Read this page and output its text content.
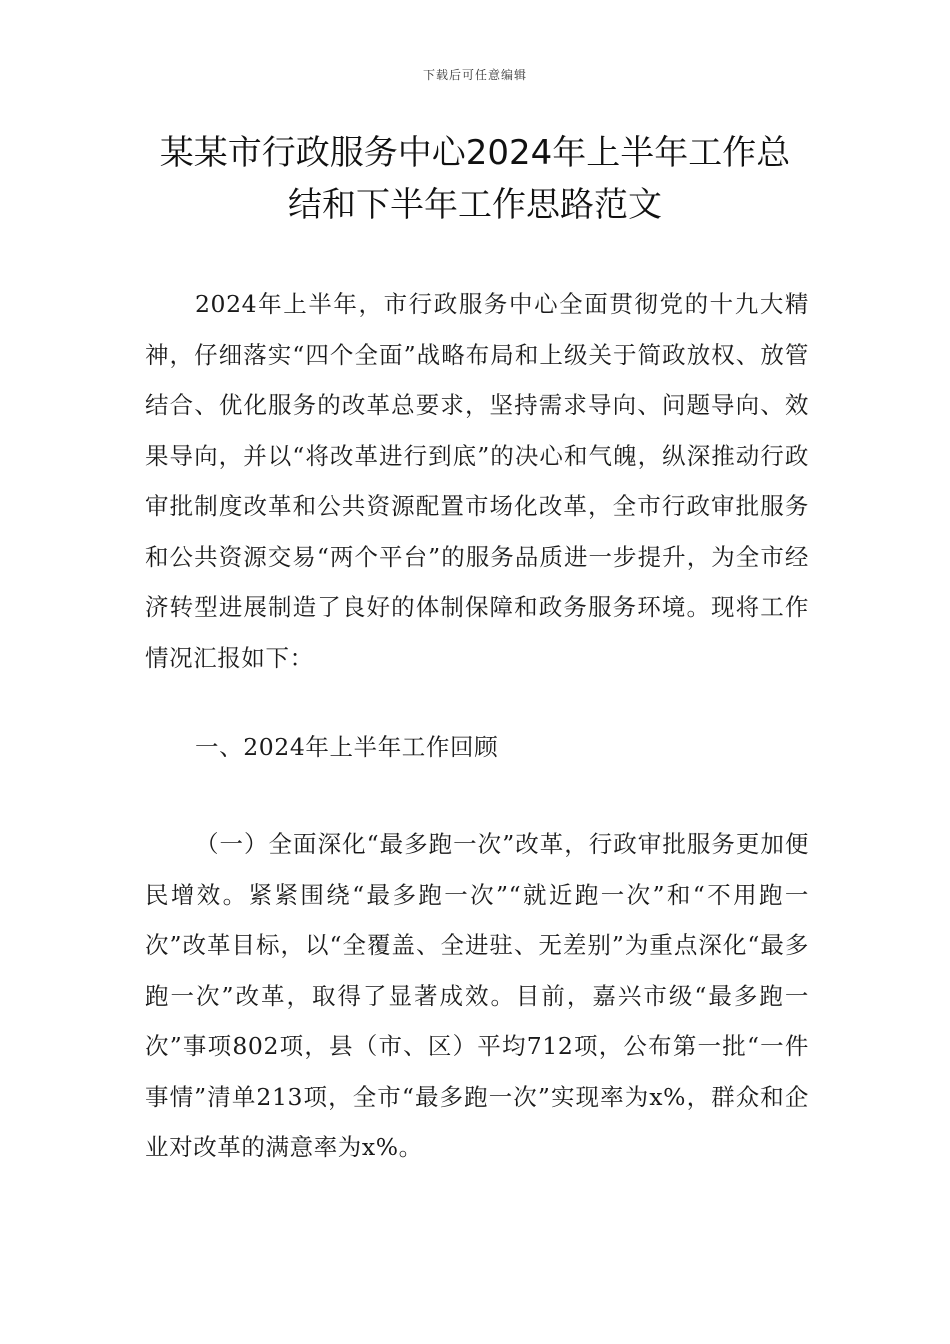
下载后可任意编辑
某某市行政服务中心2024年上半年工作总
结和下半年工作思路范文

2024年上半年，市行政服务中心全面贯彻党的十九大精神，仔细落实“四个全面”战略布局和上级关于简政放权、放管结合、优化服务的改革总要求，坚持需求导向、问题导向、效果导向，并以“将改革进行到底”的决心和气魄，纵深推动行政审批制度改革和公共资源配置市场化改革，全市行政审批服务和公共资源交易“两个平台”的服务品质进一步提升，为全市经济转型进展制造了良好的体制保障和政务服务环境。现将工作情况汇报如下：

一、2024年上半年工作回顾

（一）全面深化“最多跑一次”改革，行政审批服务更加便民增效。紧紧围绕“最多跑一次”“就近跑一次”和“不用跑一次”改革目标，以“全覆盖、全进驻、无差别”为重点深化“最多跑一次”改革，取得了显著成效。目前，嘉兴市级“最多跑一次”事项802项，县（市、区）平均712项，公布第一批“一件事情”清单213项，全市“最多跑一次”实现率为x%，群众和企业对改革的满意率为x%。
